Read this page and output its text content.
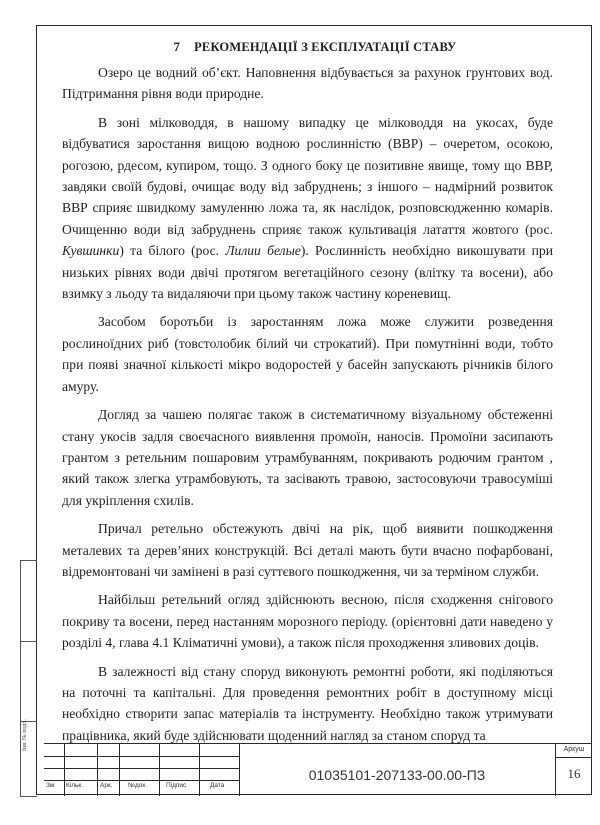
Інв. № подл.
7 РЕКОМЕНДАЦІЇ З ЕКСПЛУАТАЦІЇ СТАВУ

Озеро це водний об’єкт. Наповнення відбувається за рахунок грунтових вод. Підтримання рівня води природне.

В зоні мілководдя, в нашому випадку це мілководдя на укосах, буде відбуватися заростання вищою водною рослинністю (ВВР) – очеретом, осокою, рогозою, рдесом, купиром, тощо. З одного боку це позитивне явище, тому що ВВР, завдяки своїй будові, очищає воду від забруднень; з іншого – надмірний розвиток ВВР сприяє швидкому замуленню ложа та, як наслідок, розповсюдженню комарів. Очищенню води від забруднень сприяє також культивація латаття жовтого (рос. Кувшинки) та білого (рос. Лилии белые). Рослинність необхідно викошувати при низьких рівнях води двічі протягом вегетаційного сезону (влітку та восени), або взимку з льоду та видаляючи при цьому також частину кореневищ.

Засобом боротьби із заростанням ложа може служити розведення рослиноїдних риб (товстолобик білий чи строкатий). При помутнінні води, тобто при появі значної кількості мікро водоростей у басейн запускають річників білого амуру.

Догляд за чашею полягає також в систематичному візуальному обстеженні стану укосів задля своєчасного виявлення промоїн, наносів. Промоїни засипають грантом з ретельним пошаровим утрамбуванням, покривають родючим грантом , який також злегка утрамбовують, та засівають травою, застосовуючи травосуміші для укріплення схилів.

Причал ретельно обстежують двічі на рік, щоб виявити пошкодження металевих та дерев’яних конструкцій. Всі деталі мають бути вчасно пофарбовані, відремонтовані чи замінені в разі суттєвого пошкодження, чи за терміном служби.

Найбільш ретельний огляд здійснюють весною, після сходження снігового покриву та восени, перед настанням морозного періоду. (орієнтовні дати наведено у розділі 4, глава 4.1 Кліматичні умови), а також після проходження зливових доців.

В залежності від стану споруд виконують ремонтні роботи, які поділяються на поточні та капітальні. Для проведення ремонтних робіт в доступному місці необхідно створити запас матеріалів та інструменту. Необхідно також утримувати працівника, який буде здійснювати щоденний нагляд за станом споруд та

Зм Кільк.	Арк. №док	Підпис	Дата
01035101-207133-00.00-ПЗ
Аркуш
16
